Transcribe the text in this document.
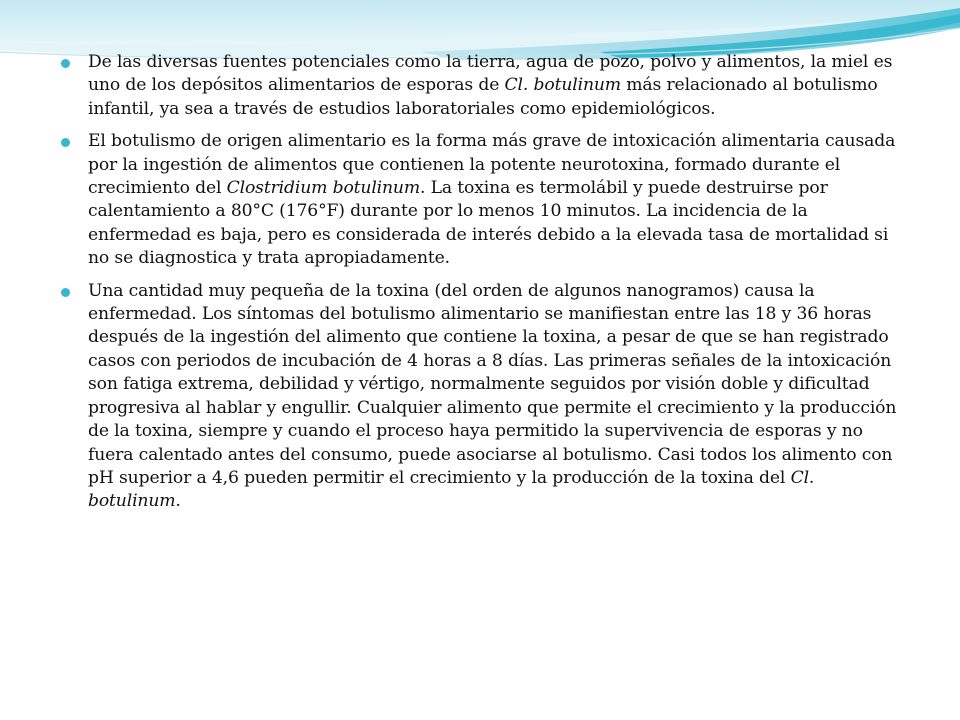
De las diversas fuentes potenciales como la tierra, agua de pozo, polvo y alimentos, la miel es uno de los depósitos alimentarios de esporas de Cl. botulinum más relacionado al botulismo infantil, ya sea a través de estudios laboratoriales como epidemiológicos.
El botulismo de origen alimentario es la forma más grave de intoxicación alimentaria causada por la ingestión de alimentos que contienen la potente neurotoxina, formado durante el crecimiento del Clostridium botulinum. La toxina es termolábil y puede destruirse por calentamiento a 80°C (176°F) durante por lo menos 10 minutos. La incidencia de la enfermedad es baja, pero es considerada de interés debido a la elevada tasa de mortalidad si no se diagnostica y trata apropiadamente.
Una cantidad muy pequeña de la toxina (del orden de algunos nanogramos) causa la enfermedad. Los síntomas del botulismo alimentario se manifiestan entre las 18 y 36 horas después de la ingestión del alimento que contiene la toxina, a pesar de que se han registrado casos con periodos de incubación de 4 horas a 8 días. Las primeras señales de la intoxicación son fatiga extrema, debilidad y vértigo, normalmente seguidos por visión doble y dificultad progresiva al hablar y engullir. Cualquier alimento que permite el crecimiento y la producción de la toxina, siempre y cuando el proceso haya permitido la supervivencia de esporas y no fuera calentado antes del consumo, puede asociarse al botulismo. Casi todos los alimento con pH superior a 4,6 pueden permitir el crecimiento y la producción de la toxina del Cl. botulinum.
